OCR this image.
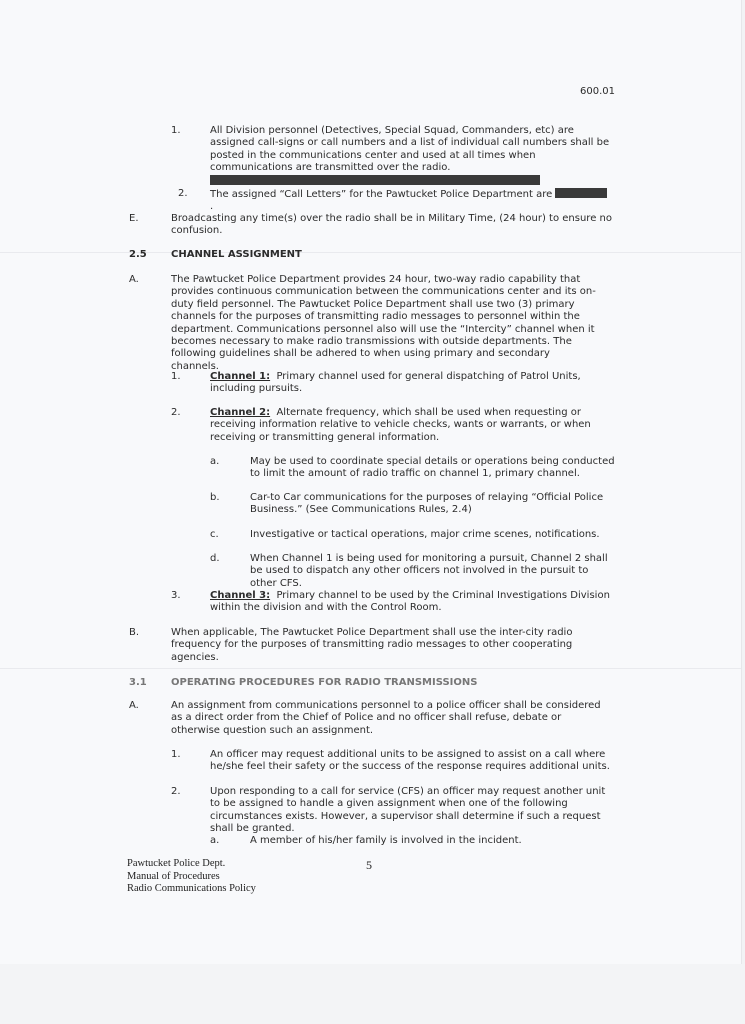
600.01

1.	All Division personnel (Detectives, Special Squad, Commanders, etc) are assigned call-signs or call numbers and a list of individual call numbers shall be posted in the communications center and used at all times when communications are transmitted over the radio.

2. The assigned “Call Letters” for the Pawtucket Police Department are .

E.	Broadcasting any time(s) over the radio shall be in Military Time, (24 hour) to ensure no confusion.

2.5 CHANNEL ASSIGNMENT

A.	The Pawtucket Police Department provides 24 hour, two-way radio capability that provides continuous communication between the communications center and its on-duty field personnel. The Pawtucket Police Department shall use two (3) primary channels for the purposes of transmitting radio messages to personnel within the department. Communications personnel also will use the “Intercity” channel when it becomes necessary to make radio transmissions with outside departments. The following guidelines shall be adhered to when using primary and secondary channels.

1.	Channel 1: Primary channel used for general dispatching of Patrol Units, including pursuits.

2.	Channel 2: Alternate frequency, which shall be used when requesting or receiving information relative to vehicle checks, wants or warrants, or when receiving or transmitting general information.

a.	May be used to coordinate special details or operations being conducted to limit the amount of radio traffic on channel 1, primary channel.

b.	Car-to Car communications for the purposes of relaying “Official Police Business.” (See Communications Rules, 2.4)

c.	Investigative or tactical operations, major crime scenes, notifications.

d.	When Channel 1 is being used for monitoring a pursuit, Channel 2 shall be used to dispatch any other officers not involved in the pursuit to other CFS.

3.	Channel 3: Primary channel to be used by the Criminal Investigations Division within the division and with the Control Room.

B.	When applicable, The Pawtucket Police Department shall use the inter-city radio frequency for the purposes of transmitting radio messages to other cooperating agencies.

3.1 OPERATING PROCEDURES FOR RADIO TRANSMISSIONS

A.	An assignment from communications personnel to a police officer shall be considered as a direct order from the Chief of Police and no officer shall refuse, debate or otherwise question such an assignment.

1.	An officer may request additional units to be assigned to assist on a call where he/she feel their safety or the success of the response requires additional units.

2.	Upon responding to a call for service (CFS) an officer may request another unit to be assigned to handle a given assignment when one of the following circumstances exists. However, a supervisor shall determine if such a request shall be granted.

a.	A member of his/her family is involved in the incident.

Pawtucket Police Dept.
Manual of Procedures
Radio Communications Policy

5
